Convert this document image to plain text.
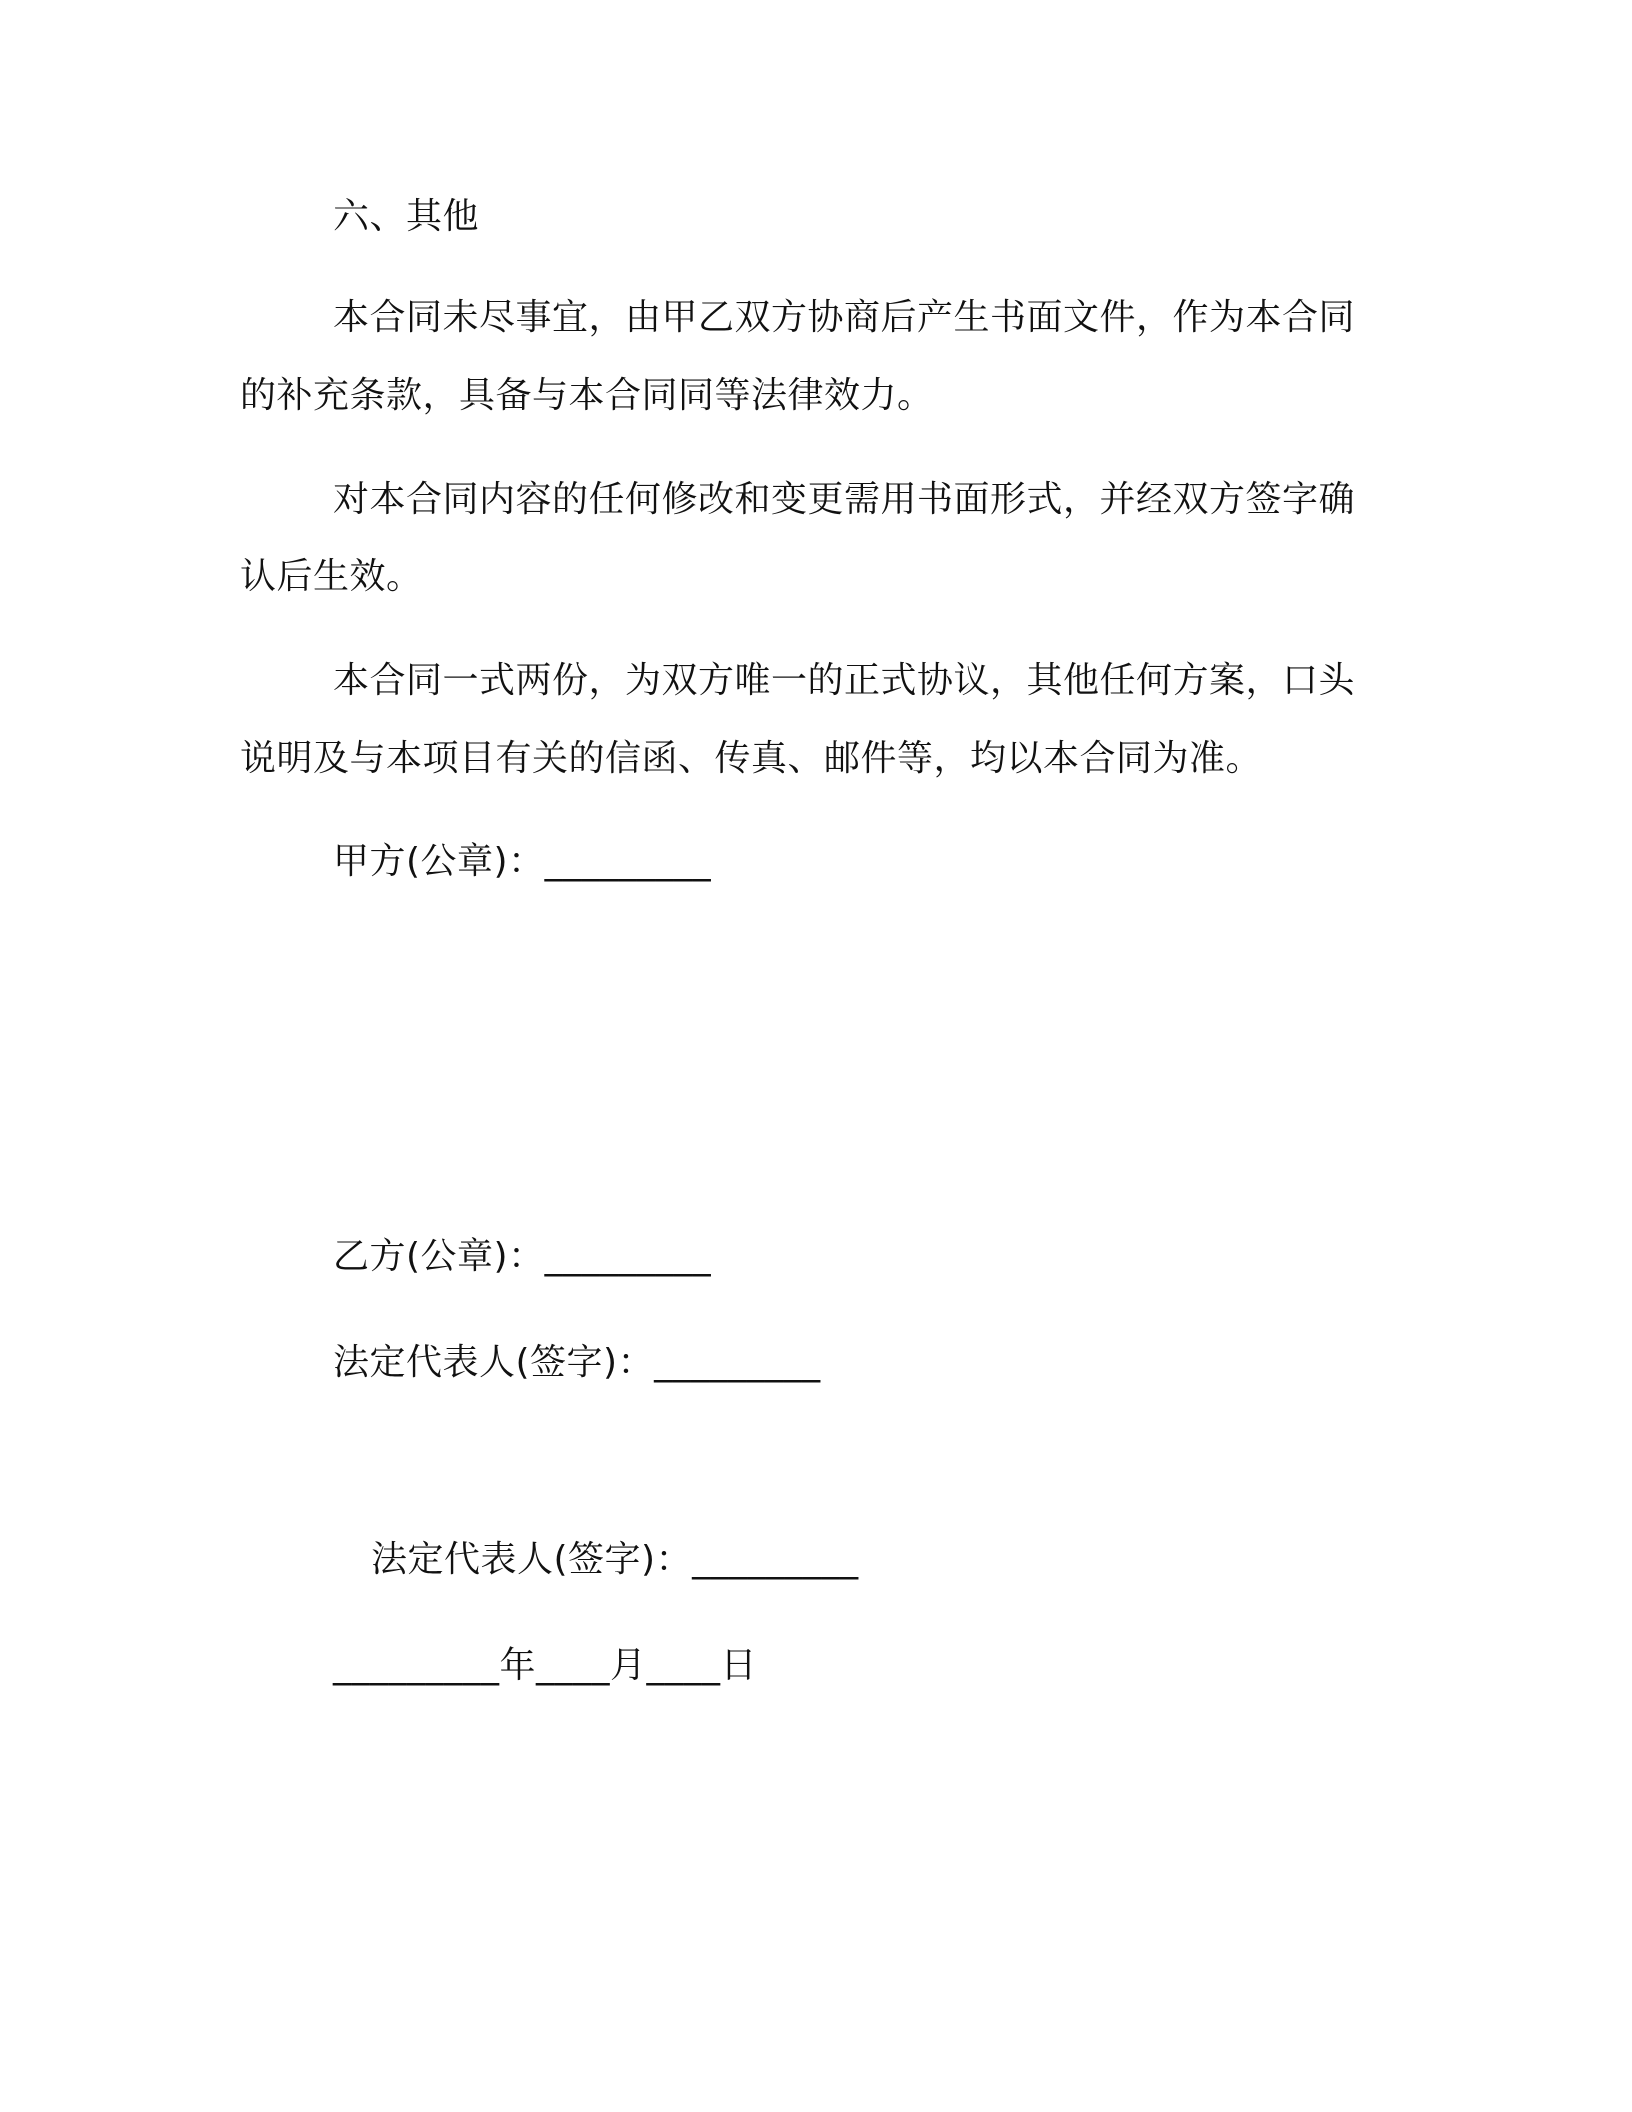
六、其他
本合同未尽事宜，由甲乙双方协商后产生书面文件，作为本合同
的补充条款，具备与本合同同等法律效力。
对本合同内容的任何修改和变更需用书面形式，并经双方签字确
认后生效。
本合同一式两份，为双方唯一的正式协议，其他任何方案，口头
说明及与本项目有关的信函、传真、邮件等，均以本合同为准。
甲方(公章)：_________
乙方(公章)：_________
法定代表人(签字)：_________
法定代表人(签字)：_________
_________年____月____日
